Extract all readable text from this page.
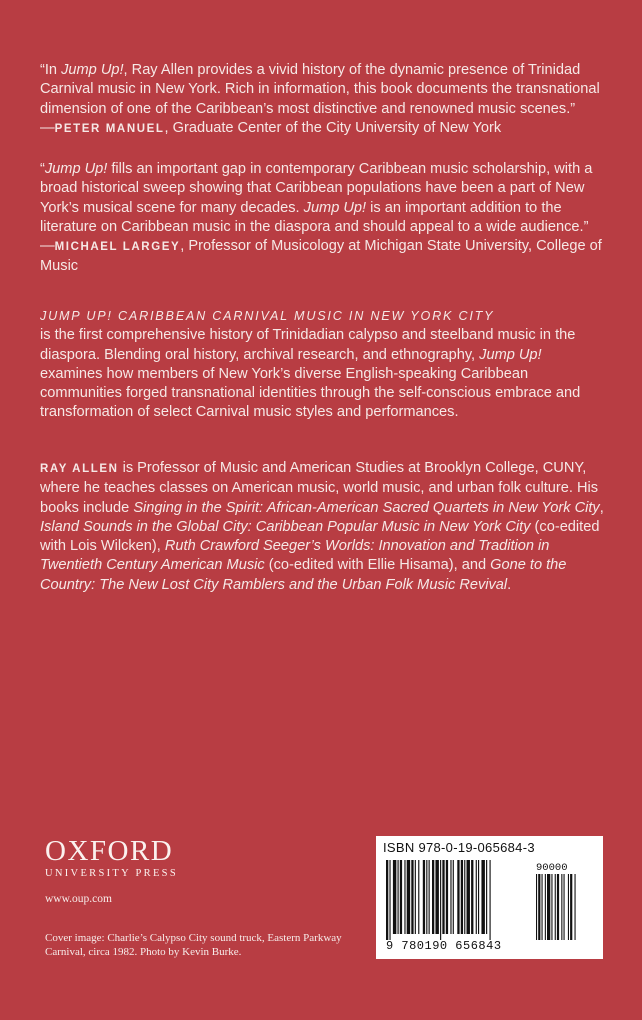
“In Jump Up!, Ray Allen provides a vivid history of the dynamic presence of Trinidad Carnival music in New York. Rich in information, this book documents the transnational dimension of one of the Caribbean’s most distinctive and renowned music scenes.”
—PETER MANUEL, Graduate Center of the City University of New York

“Jump Up! fills an important gap in contemporary Caribbean music scholarship, with a broad historical sweep showing that Caribbean populations have been a part of New York’s musical scene for many decades. Jump Up! is an important addition to the literature on Caribbean music in the diaspora and should appeal to a wide audience.”
—MICHAEL LARGEY, Professor of Musicology at Michigan State University, College of Music

JUMP UP! CARIBBEAN CARNIVAL MUSIC IN NEW YORK CITY
is the first comprehensive history of Trinidadian calypso and steelband music in the diaspora. Blending oral history, archival research, and ethnography, Jump Up! examines how members of New York’s diverse English-speaking Caribbean communities forged transnational identities through the self-conscious embrace and transformation of select Carnival music styles and performances.

RAY ALLEN is Professor of Music and American Studies at Brooklyn College, CUNY, where he teaches classes on American music, world music, and urban folk culture. His books include Singing in the Spirit: African-American Sacred Quartets in New York City, Island Sounds in the Global City: Caribbean Popular Music in New York City (co-edited with Lois Wilcken), Ruth Crawford Seeger’s Worlds: Innovation and Tradition in Twentieth Century American Music (co-edited with Ellie Hisama), and Gone to the Country: The New Lost City Ramblers and the Urban Folk Music Revival.

OXFORD
UNIVERSITY PRESS
www.oup.com

Cover image: Charlie’s Calypso City sound truck, Eastern Parkway Carnival, circa 1982. Photo by Kevin Burke.

ISBN 978-0-19-065684-3
90000
9 780190 656843
